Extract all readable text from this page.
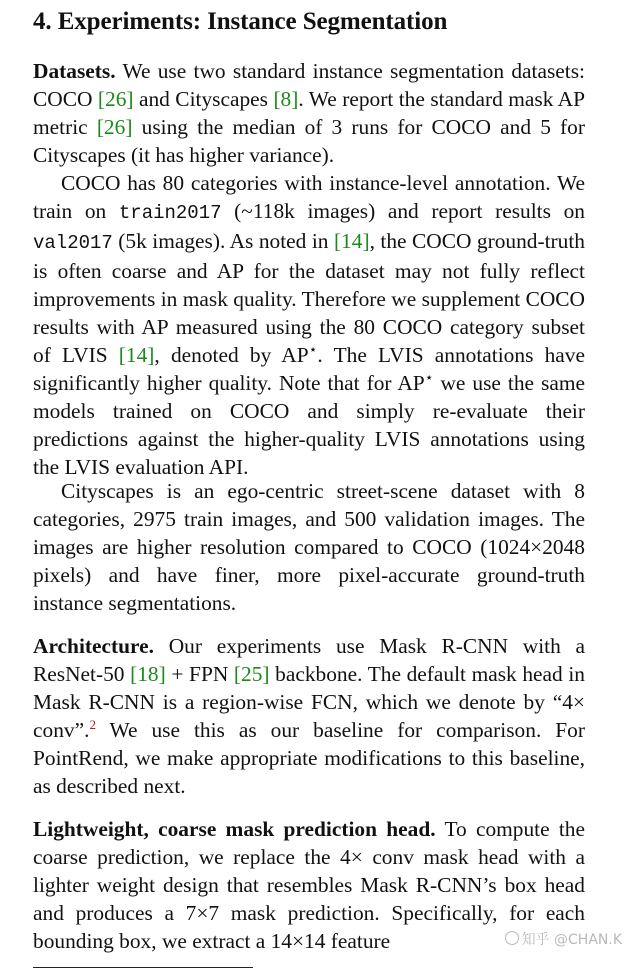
4. Experiments: Instance Segmentation

Datasets. We use two standard instance segmentation datasets: COCO [26] and Cityscapes [8]. We report the standard mask AP metric [26] using the median of 3 runs for COCO and 5 for Cityscapes (it has higher variance).

COCO has 80 categories with instance-level annotation. We train on train2017 (~118k images) and report results on val2017 (5k images). As noted in [14], the COCO ground-truth is often coarse and AP for the dataset may not fully reflect improvements in mask quality. Therefore we supplement COCO results with AP measured using the 80 COCO category subset of LVIS [14], denoted by AP⋆. The LVIS annotations have significantly higher quality. Note that for AP⋆ we use the same models trained on COCO and simply re-evaluate their predictions against the higher-quality LVIS annotations using the LVIS evaluation API.

Cityscapes is an ego-centric street-scene dataset with 8 categories, 2975 train images, and 500 validation images. The images are higher resolution compared to COCO (1024×2048 pixels) and have finer, more pixel-accurate ground-truth instance segmentations.

Architecture. Our experiments use Mask R-CNN with a ResNet-50 [18] + FPN [25] backbone. The default mask head in Mask R-CNN is a region-wise FCN, which we denote by “4× conv”.$^2$ We use this as our baseline for comparison. For PointRend, we make appropriate modifications to this baseline, as described next.

Lightweight, coarse mask prediction head. To compute the coarse prediction, we replace the 4× conv mask head with a lighter weight design that resembles Mask R-CNN’s box head and produces a 7×7 mask prediction. Specifically, for each bounding box, we extract a 14×14 feature	知乎 @CHAN.K
